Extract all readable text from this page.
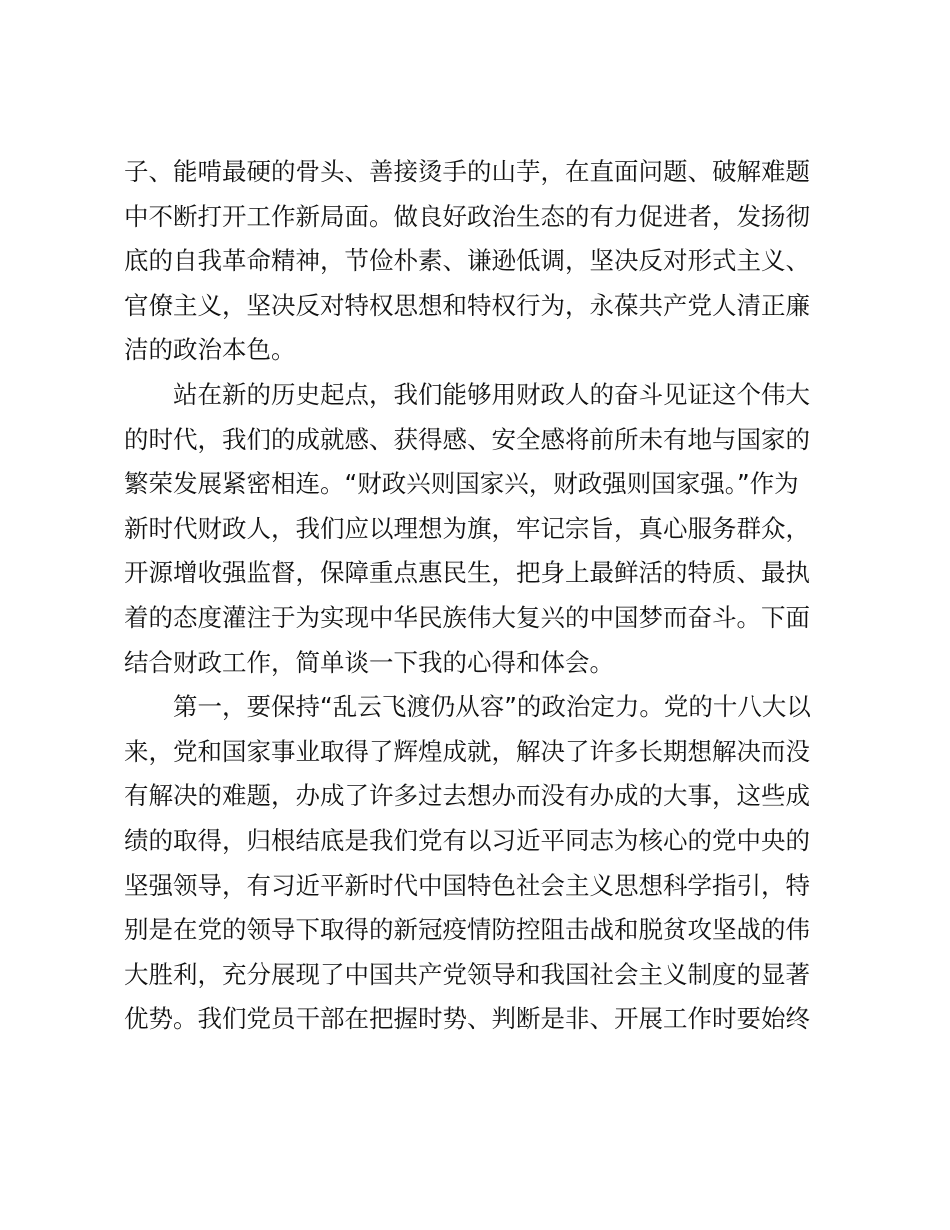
子、能啃最硬的骨头、善接烫手的山芋，在直面问题、破解难题
中不断打开工作新局面。做良好政治生态的有力促进者，发扬彻
底的自我革命精神，节俭朴素、谦逊低调，坚决反对形式主义、
官僚主义，坚决反对特权思想和特权行为，永葆共产党人清正廉
洁的政治本色。
站在新的历史起点，我们能够用财政人的奋斗见证这个伟大
的时代，我们的成就感、获得感、安全感将前所未有地与国家的
繁荣发展紧密相连。“财政兴则国家兴，财政强则国家强。”作为
新时代财政人，我们应以理想为旗，牢记宗旨，真心服务群众，
开源增收强监督，保障重点惠民生，把身上最鲜活的特质、最执
着的态度灌注于为实现中华民族伟大复兴的中国梦而奋斗。下面
结合财政工作，简单谈一下我的心得和体会。
第一，要保持“乱云飞渡仍从容”的政治定力。党的十八大以
来，党和国家事业取得了辉煌成就，解决了许多长期想解决而没
有解决的难题，办成了许多过去想办而没有办成的大事，这些成
绩的取得，归根结底是我们党有以习近平同志为核心的党中央的
坚强领导，有习近平新时代中国特色社会主义思想科学指引，特
别是在党的领导下取得的新冠疫情防控阻击战和脱贫攻坚战的伟
大胜利，充分展现了中国共产党领导和我国社会主义制度的显著
优势。我们党员干部在把握时势、判断是非、开展工作时要始终
